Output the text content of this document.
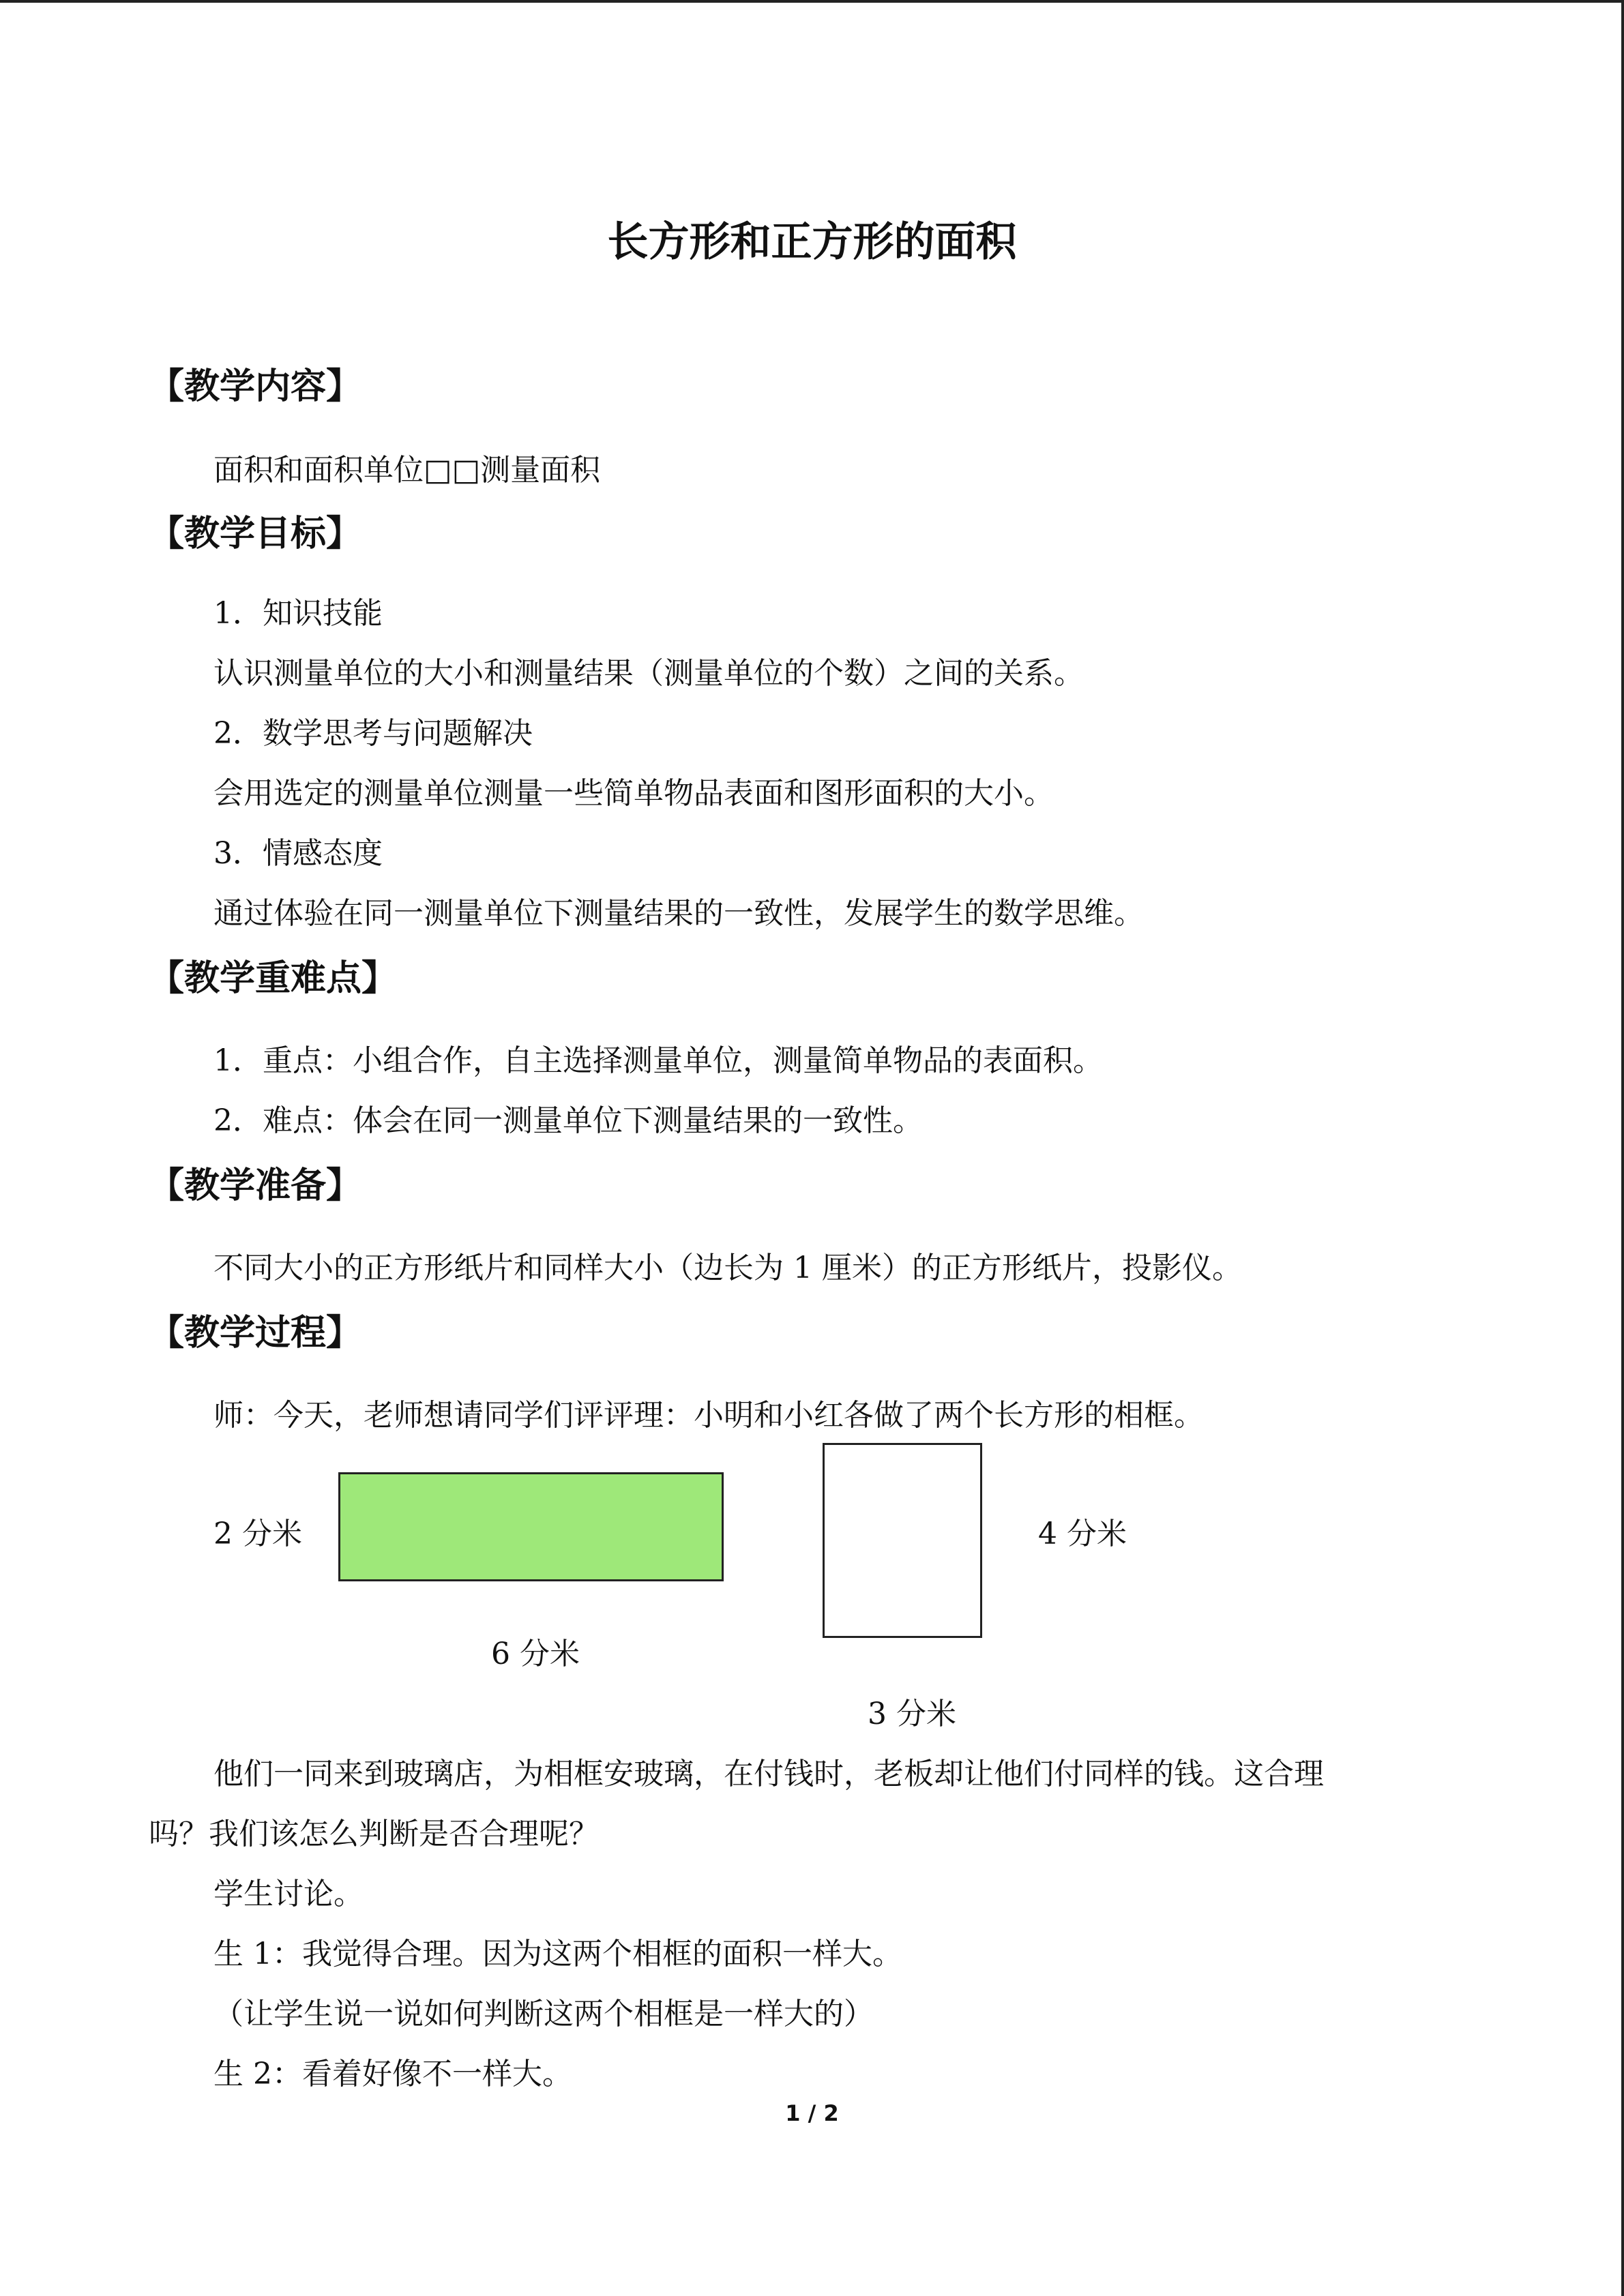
长方形和正方形的面积
【教学内容】
面积和面积单位□□测量面积
【教学目标】
1．知识技能
认识测量单位的大小和测量结果（测量单位的个数）之间的关系。
2．数学思考与问题解决
会用选定的测量单位测量一些简单物品表面和图形面积的大小。
3．情感态度
通过体验在同一测量单位下测量结果的一致性，发展学生的数学思维。
【教学重难点】
1．重点：小组合作，自主选择测量单位，测量简单物品的表面积。
2．难点：体会在同一测量单位下测量结果的一致性。
【教学准备】
不同大小的正方形纸片和同样大小（边长为 1 厘米）的正方形纸片，投影仪。
【教学过程】
师：今天，老师想请同学们评评理：小明和小红各做了两个长方形的相框。
2 分米
6 分米
4 分米
3 分米
他们一同来到玻璃店，为相框安玻璃，在付钱时，老板却让他们付同样的钱。这合理
吗？我们该怎么判断是否合理呢？
学生讨论。
生 1：我觉得合理。因为这两个相框的面积一样大。
（让学生说一说如何判断这两个相框是一样大的）
生 2：看着好像不一样大。
1 / 2
